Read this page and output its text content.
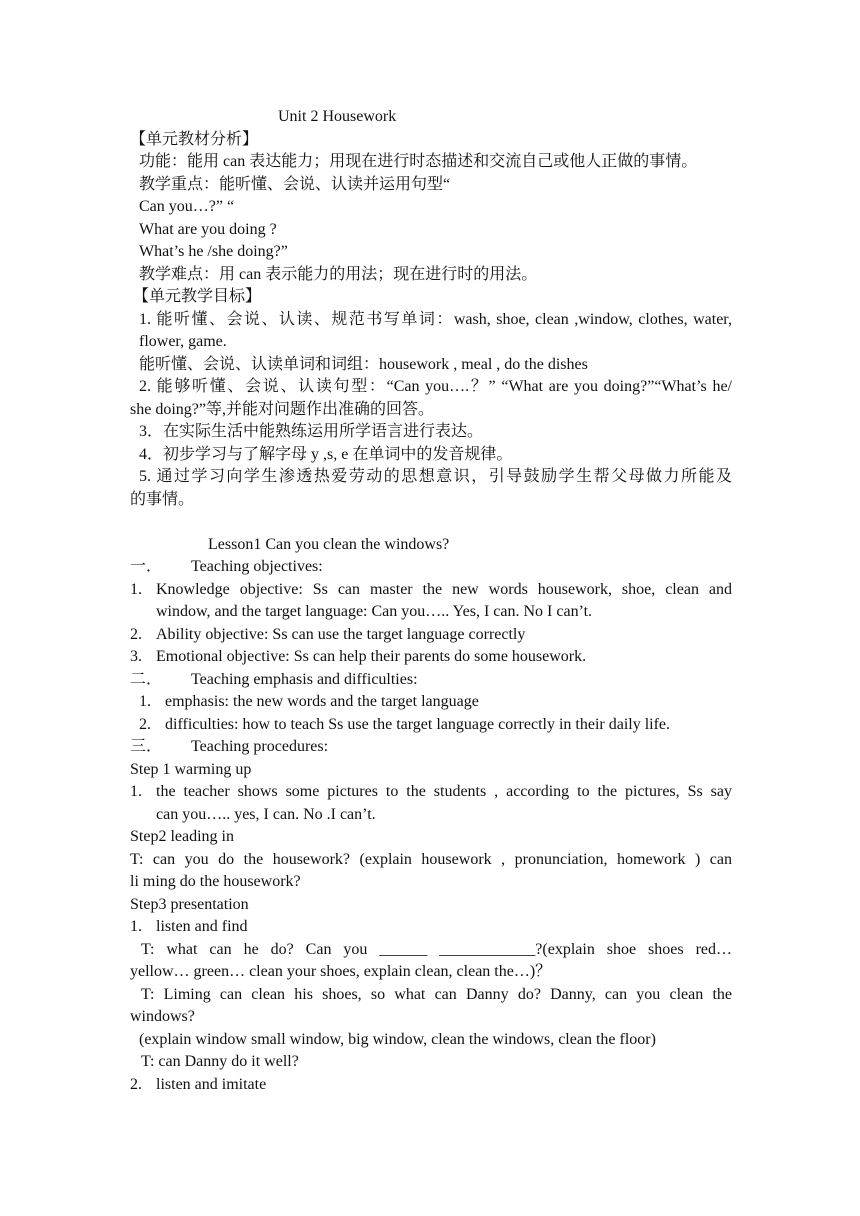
Unit 2 Housework
【单元教材分析】
功能：能用 can 表达能力；用现在进行时态描述和交流自己或他人正做的事情。
教学重点：能听懂、会说、认读并运用句型“
Can you…?” “
What are you doing ?
What’s he /she doing?”
教学难点：用 can 表示能力的用法；现在进行时的用法。
【单元教学目标】
1. 能听懂、会说、认读、规范书写单词：wash, shoe, clean ,window, clothes, water,
flower, game.
能听懂、会说、认读单词和词组：housework , meal , do the dishes
2. 能够听懂、会说、认读句型：“Can you….？” “What are you doing?”“What’s he/
she doing?”等,并能对问题作出准确的回答。
3．在实际生活中能熟练运用所学语言进行表达。
4．初步学习与了解字母 y ,s, e 在单词中的发音规律。
5. 通过学习向学生渗透热爱劳动的思想意识，引导鼓励学生帮父母做力所能及
的事情。
Lesson1 Can you clean the windows?
一． Teaching objectives:
1. Knowledge objective: Ss can master the new words housework, shoe, clean and
window, and the target language: Can you….. Yes, I can. No I can’t.
2. Ability objective: Ss can use the target language correctly
3. Emotional objective: Ss can help their parents do some housework.
二． Teaching emphasis and difficulties:
1. emphasis: the new words and the target language
2. difficulties: how to teach Ss use the target language correctly in their daily life.
三． Teaching procedures:
Step 1 warming up
1. the teacher shows some pictures to the students , according to the pictures, Ss say
can you….. yes, I can. No .I can’t.
Step2 leading in
T: can you do the housework? (explain housework , pronunciation, homework ) can
li ming do the housework?
Step3 presentation
1. listen and find
T: what can he do? Can you ______ ____________?(explain shoe shoes red…
yellow… green… clean your shoes, explain clean, clean the…)？
T: Liming can clean his shoes, so what can Danny do? Danny, can you clean the
windows?
(explain window small window, big window, clean the windows, clean the floor)
T: can Danny do it well?
2. listen and imitate
